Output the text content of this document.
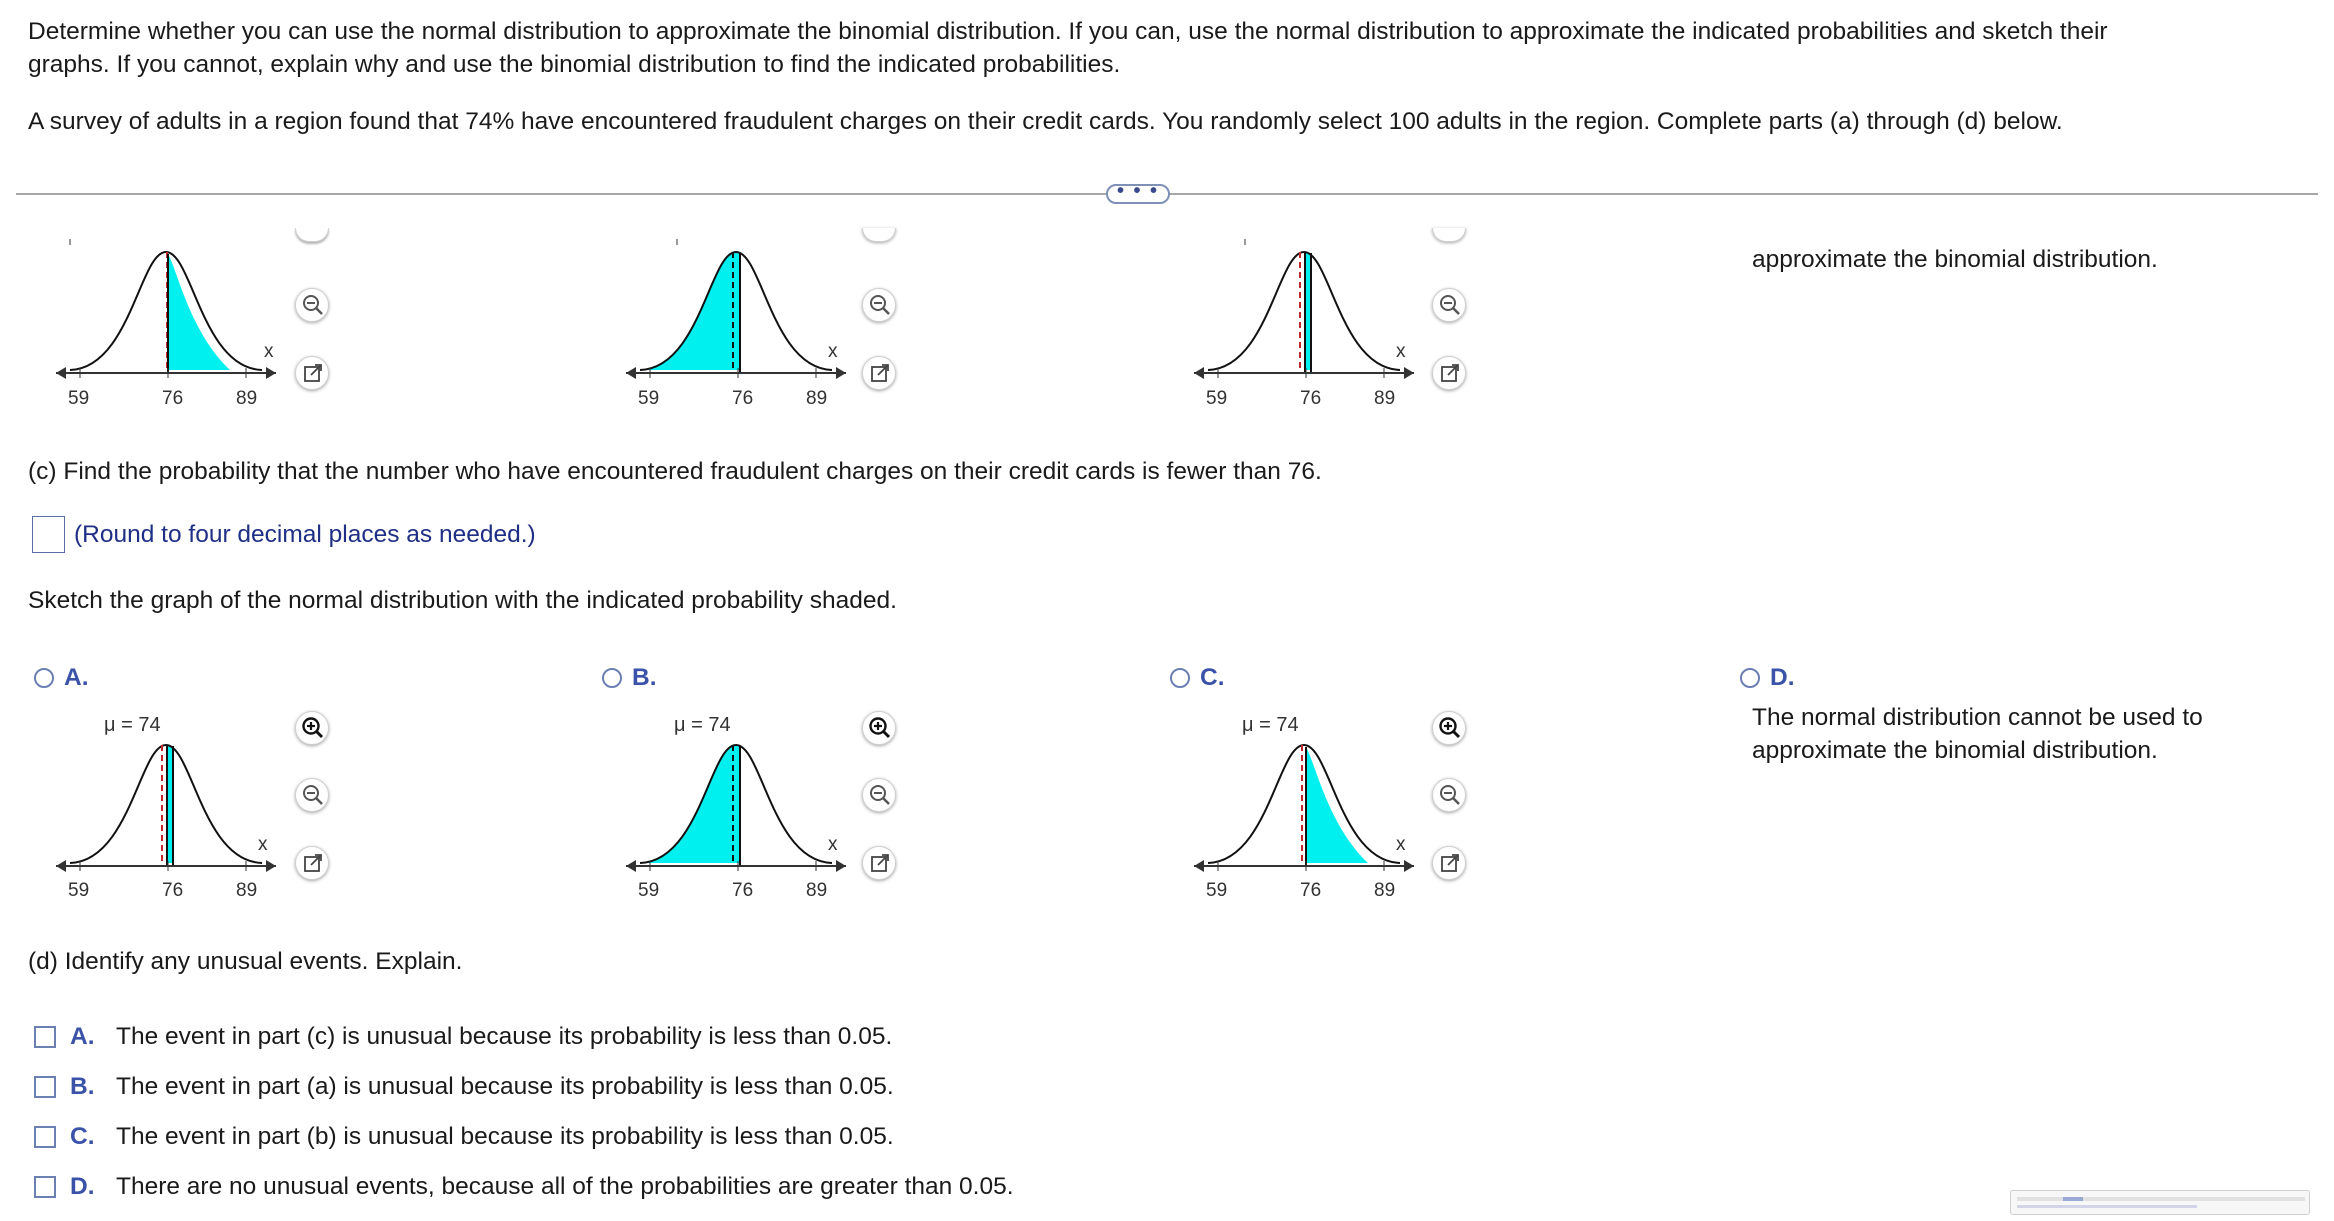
Determine whether you can use the normal distribution to approximate the binomial distribution. If you can, use the normal distribution to approximate the indicated probabilities and sketch their
graphs. If you cannot, explain why and use the binomial distribution to find the indicated probabilities.
A survey of adults in a region found that 74% have encountered fraudulent charges on their credit cards. You randomly select 100 adults in the region. Complete parts (a) through (d) below.
• • •
x
59	76	89
x
59	76	89
x
59	76	89
approximate the binomial distribution.
(c) Find the probability that the number who have encountered fraudulent charges on their credit cards is fewer than 76.
(Round to four decimal places as needed.)
Sketch the graph of the normal distribution with the indicated probability shaded.
A.
μ = 74
x
59	76	89
B.
μ = 74
x
59	76	89
C.
μ = 74
x
59	76	89
D.
The normal distribution cannot be used to
approximate the binomial distribution.
(d) Identify any unusual events. Explain.
A. The event in part (c) is unusual because its probability is less than 0.05.
B. The event in part (a) is unusual because its probability is less than 0.05.
C. The event in part (b) is unusual because its probability is less than 0.05.
D. There are no unusual events, because all of the probabilities are greater than 0.05.
